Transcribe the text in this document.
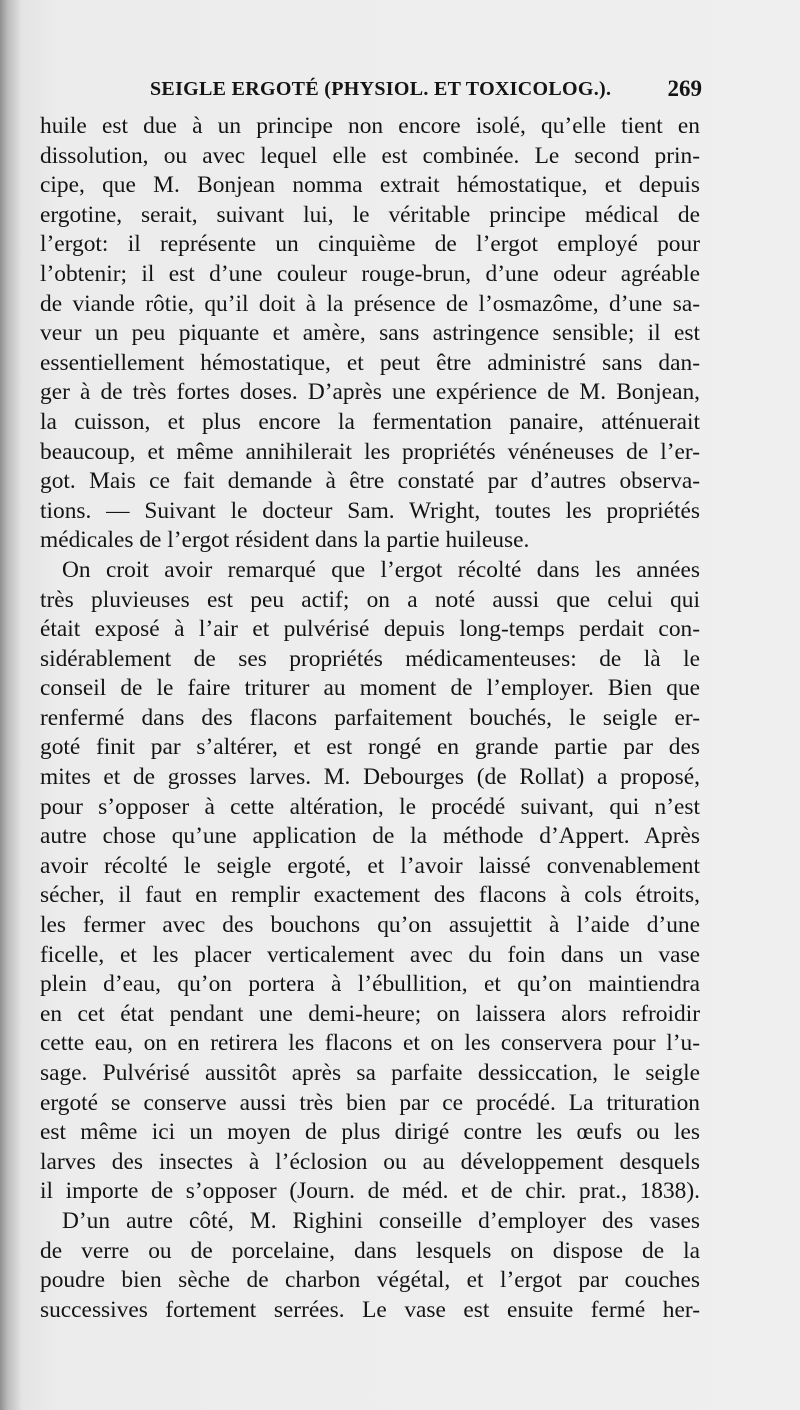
SEIGLE ERGOTÉ (PHYSIOL. ET TOXICOLOG.). 269
huile est due à un principe non encore isolé, qu’elle tient en
dissolution, ou avec lequel elle est combinée. Le second prin-
cipe, que M. Bonjean nomma extrait hémostatique, et depuis
ergotine, serait, suivant lui, le véritable principe médical de
l’ergot: il représente un cinquième de l’ergot employé pour
l’obtenir; il est d’une couleur rouge-brun, d’une odeur agréable
de viande rôtie, qu’il doit à la présence de l’osmazôme, d’une sa-
veur un peu piquante et amère, sans astringence sensible; il est
essentiellement hémostatique, et peut être administré sans dan-
ger à de très fortes doses. D’après une expérience de M. Bonjean,
la cuisson, et plus encore la fermentation panaire, atténuerait
beaucoup, et même annihilerait les propriétés vénéneuses de l’er-
got. Mais ce fait demande à être constaté par d’autres observa-
tions. — Suivant le docteur Sam. Wright, toutes les propriétés
médicales de l’ergot résident dans la partie huileuse.
On croit avoir remarqué que l’ergot récolté dans les années
très pluvieuses est peu actif; on a noté aussi que celui qui
était exposé à l’air et pulvérisé depuis long-temps perdait con-
sidérablement de ses propriétés médicamenteuses: de là le
conseil de le faire triturer au moment de l’employer. Bien que
renfermé dans des flacons parfaitement bouchés, le seigle er-
goté finit par s’altérer, et est rongé en grande partie par des
mites et de grosses larves. M. Debourges (de Rollat) a proposé,
pour s’opposer à cette altération, le procédé suivant, qui n’est
autre chose qu’une application de la méthode d’Appert. Après
avoir récolté le seigle ergoté, et l’avoir laissé convenablement
sécher, il faut en remplir exactement des flacons à cols étroits,
les fermer avec des bouchons qu’on assujettit à l’aide d’une
ficelle, et les placer verticalement avec du foin dans un vase
plein d’eau, qu’on portera à l’ébullition, et qu’on maintiendra
en cet état pendant une demi-heure; on laissera alors refroidir
cette eau, on en retirera les flacons et on les conservera pour l’u-
sage. Pulvérisé aussitôt après sa parfaite dessiccation, le seigle
ergoté se conserve aussi très bien par ce procédé. La trituration
est même ici un moyen de plus dirigé contre les œufs ou les
larves des insectes à l’éclosion ou au développement desquels
il importe de s’opposer (Journ. de méd. et de chir. prat., 1838).
D’un autre côté, M. Righini conseille d’employer des vases
de verre ou de porcelaine, dans lesquels on dispose de la
poudre bien sèche de charbon végétal, et l’ergot par couches
successives fortement serrées. Le vase est ensuite fermé her-
